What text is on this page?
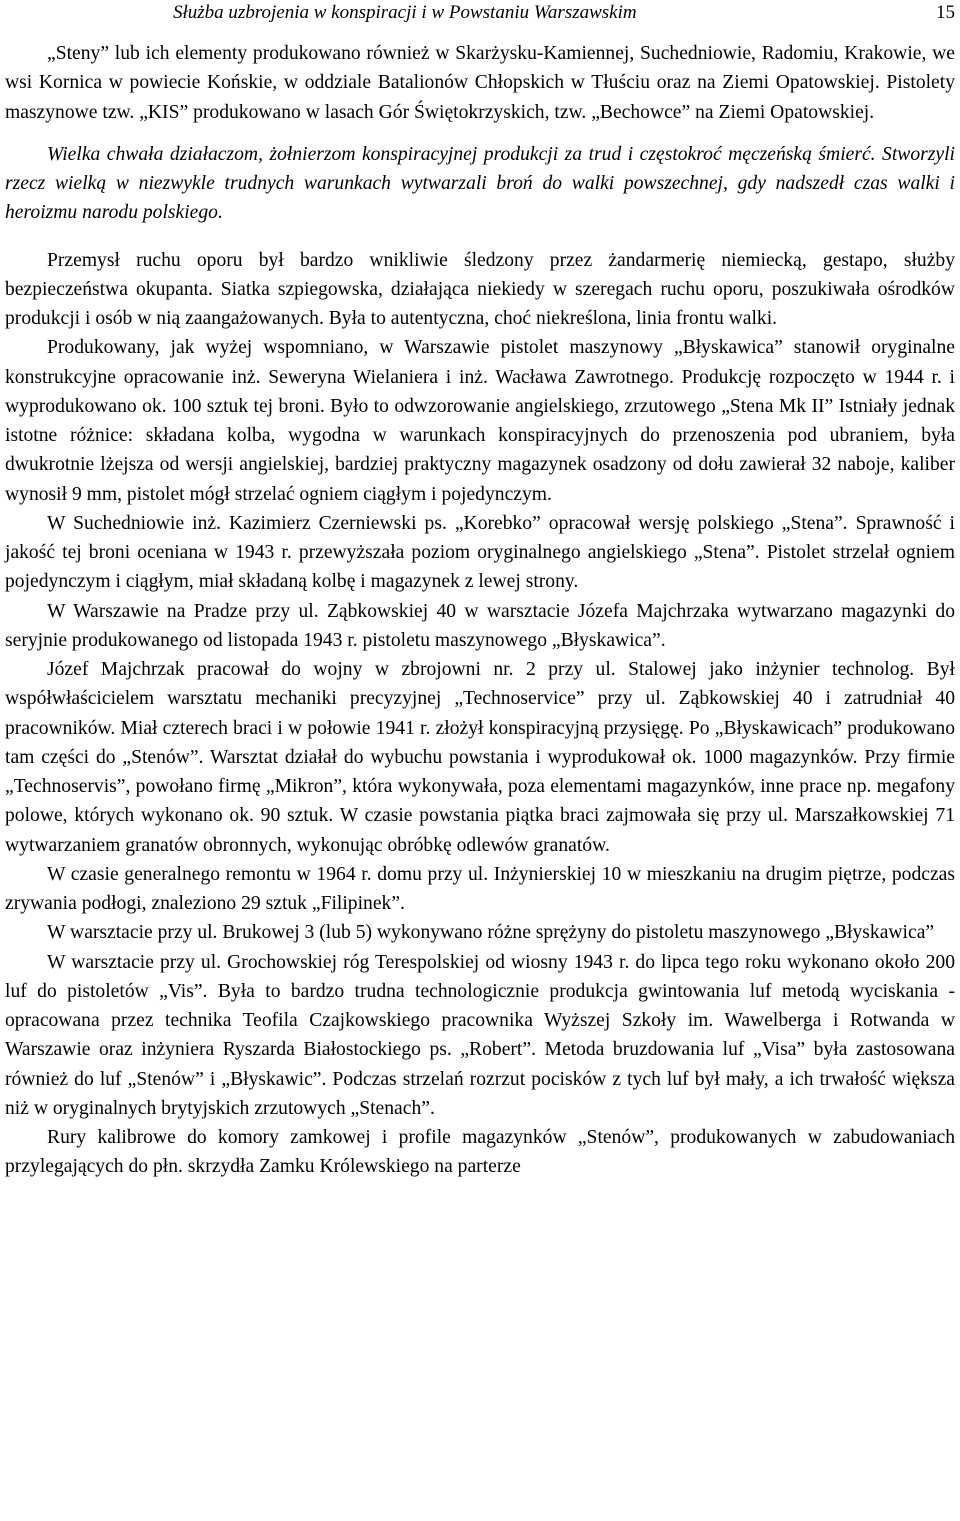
Służba uzbrojenia w konspiracji i w Powstaniu Warszawskim	15

„Steny” lub ich elementy produkowano również w Skarżysku-Kamiennej, Suchedniowie, Radomiu, Krakowie, we wsi Kornica w powiecie Końskie, w oddziale Batalionów Chłopskich w Tłuściu oraz na Ziemi Opatowskiej. Pistolety maszynowe tzw. „KIS” produkowano w lasach Gór Świętokrzyskich, tzw. „Bechowce” na Ziemi Opatowskiej.

Wielka chwała działaczom, żołnierzom konspiracyjnej produkcji za trud i częstokroć męczeńską śmierć. Stworzyli rzecz wielką w niezwykle trudnych warunkach wytwarzali broń do walki powszechnej, gdy nadszedł czas walki i heroizmu narodu polskiego.

Przemysł ruchu oporu był bardzo wnikliwie śledzony przez żandarmerię niemiecką, gestapo, służby bezpieczeństwa okupanta. Siatka szpiegowska, działająca niekiedy w szeregach ruchu oporu, poszukiwała ośrodków produkcji i osób w nią zaangażowanych. Była to autentyczna, choć niekreślona, linia frontu walki.

Produkowany, jak wyżej wspomniano, w Warszawie pistolet maszynowy „Błyskawica” stanowił oryginalne konstrukcyjne opracowanie inż. Seweryna Wielaniera i inż. Wacława Zawrotnego. Produkcję rozpoczęto w 1944 r. i wyprodukowano ok. 100 sztuk tej broni. Było to odwzorowanie angielskiego, zrzutowego „Stena Mk II” Istniały jednak istotne różnice: składana kolba, wygodna w warunkach konspiracyjnych do przenoszenia pod ubraniem, była dwukrotnie lżejsza od wersji angielskiej, bardziej praktyczny magazynek osadzony od dołu zawierał 32 naboje, kaliber wynosił 9 mm, pistolet mógł strzelać ogniem ciągłym i pojedynczym.

W Suchedniowie inż. Kazimierz Czerniewski ps. „Korebko” opracował wersję polskiego „Stena”. Sprawność i jakość tej broni oceniana w 1943 r. przewyższała poziom oryginalnego angielskiego „Stena”. Pistolet strzelał ogniem pojedynczym i ciągłym, miał składaną kolbę i magazynek z lewej strony.

W Warszawie na Pradze przy ul. Ząbkowskiej 40 w warsztacie Józefa Majchrzaka wytwarzano magazynki do seryjnie produkowanego od listopada 1943 r. pistoletu maszynowego „Błyskawica”.

Józef Majchrzak pracował do wojny w zbrojowni nr. 2 przy ul. Stalowej jako inżynier technolog. Był współwłaścicielem warsztatu mechaniki precyzyjnej „Technoservice” przy ul. Ząbkowskiej 40 i zatrudniał 40 pracowników. Miał czterech braci i w połowie 1941 r. złożył konspiracyjną przysięgę. Po „Błyskawicach” produkowano tam części do „Stenów”. Warsztat działał do wybuchu powstania i wyprodukował ok. 1000 magazynków. Przy firmie „Technoservis”, powołano firmę „Mikron”, która wykonywała, poza elementami magazynków, inne prace np. megafony polowe, których wykonano ok. 90 sztuk. W czasie powstania piątka braci zajmowała się przy ul. Marszałkowskiej 71 wytwarzaniem granatów obronnych, wykonując obróbkę odlewów granatów.

W czasie generalnego remontu w 1964 r. domu przy ul. Inżynierskiej 10 w mieszkaniu na drugim piętrze, podczas zrywania podłogi, znaleziono 29 sztuk „Filipinek”.

W warsztacie przy ul. Brukowej 3 (lub 5) wykonywano różne sprężyny do pistoletu maszynowego „Błyskawica”

W warsztacie przy ul. Grochowskiej róg Terespolskiej od wiosny 1943 r. do lipca tego roku wykonano około 200 luf do pistoletów „Vis”. Była to bardzo trudna technologicznie produkcja gwintowania luf metodą wyciskania - opracowana przez technika Teofila Czajkowskiego pracownika Wyższej Szkoły im. Wawelberga i Rotwanda w Warszawie oraz inżyniera Ryszarda Białostockiego ps. „Robert”. Metoda bruzdowania luf „Visa” była zastosowana również do luf „Stenów” i „Błyskawic”. Podczas strzelań rozrzut pocisków z tych luf był mały, a ich trwałość większa niż w oryginalnych brytyjskich zrzutowych „Stenach”.

Rury kalibrowe do komory zamkowej i profile magazynków „Stenów”, produkowanych w zabudowaniach przylegających do płn. skrzydła Zamku Królewskiego na parterze
